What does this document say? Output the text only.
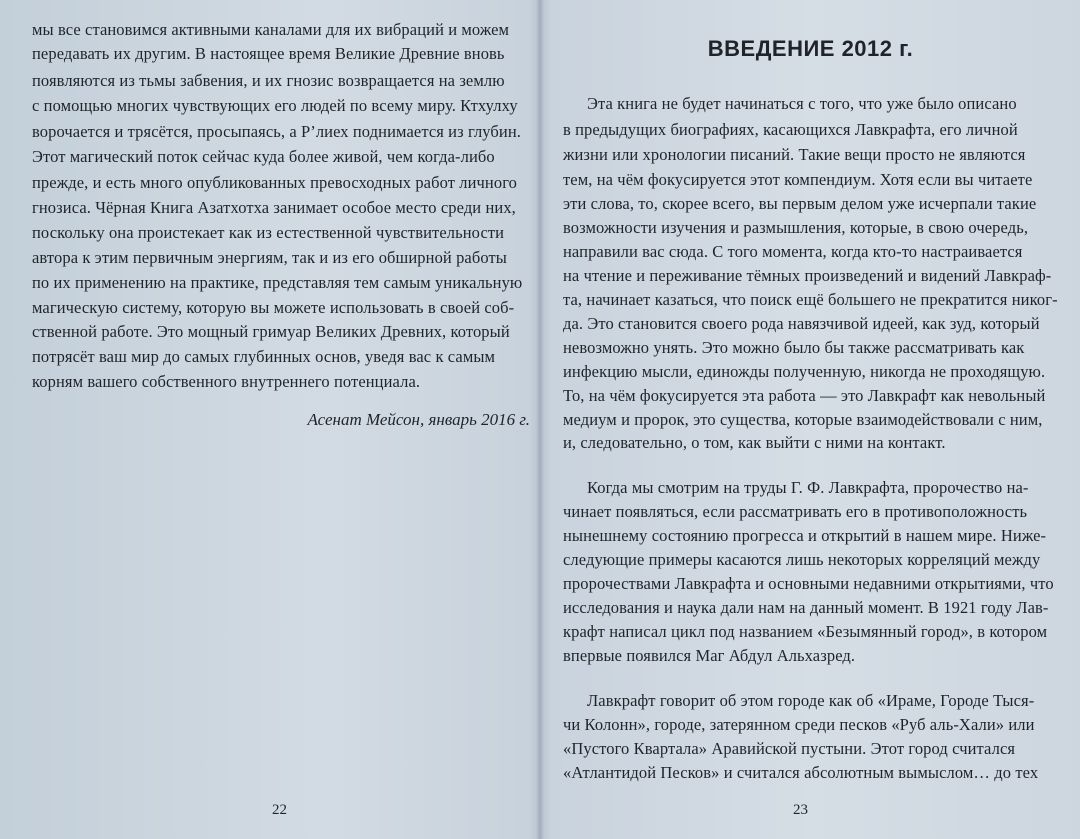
мы все становимся активными каналами для их вибраций и можем
передавать их другим. В настоящее время Великие Древние вновь
появляются из тьмы забвения, и их гнозис возвращается на землю
с помощью многих чувствующих его людей по всему миру. Ктхулху
ворочается и трясётся, просыпаясь, а Р’лиех поднимается из глубин.
Этот магический поток сейчас куда более живой, чем когда-либо
прежде, и есть много опубликованных превосходных работ личного
гнозиса. Чёрная Книга Азатхотха занимает особое место среди них,
поскольку она проистекает как из естественной чувствительности
автора к этим первичным энергиям, так и из его обширной работы
по их применению на практике, представляя тем самым уникальную
магическую систему, которую вы можете использовать в своей соб-
ственной работе. Это мощный гримуар Великих Древних, который
потрясёт ваш мир до самых глубинных основ, уведя вас к самым
корням вашего собственного внутреннего потенциала.
Асенат Мейсон, январь 2016 г.
22
ВВЕДЕНИЕ 2012 г.
Эта книга не будет начинаться с того, что уже было описано
в предыдущих биографиях, касающихся Лавкрафта, его личной
жизни или хронологии писаний. Такие вещи просто не являются
тем, на чём фокусируется этот компендиум. Хотя если вы читаете
эти слова, то, скорее всего, вы первым делом уже исчерпали такие
возможности изучения и размышления, которые, в свою очередь,
направили вас сюда. С того момента, когда кто-то настраивается
на чтение и переживание тёмных произведений и видений Лавкраф-
та, начинает казаться, что поиск ещё большего не прекратится никог-
да. Это становится своего рода навязчивой идеей, как зуд, который
невозможно унять. Это можно было бы также рассматривать как
инфекцию мысли, единожды полученную, никогда не проходящую.
То, на чём фокусируется эта работа — это Лавкрафт как невольный
медиум и пророк, это существа, которые взаимодействовали с ним,
и, следовательно, о том, как выйти с ними на контакт.
Когда мы смотрим на труды Г. Ф. Лавкрафта, пророчество на-
чинает появляться, если рассматривать его в противоположность
нынешнему состоянию прогресса и открытий в нашем мире. Ниже-
следующие примеры касаются лишь некоторых корреляций между
пророчествами Лавкрафта и основными недавними открытиями, что
исследования и наука дали нам на данный момент. В 1921 году Лав-
крафт написал цикл под названием «Безымянный город», в котором
впервые появился Маг Абдул Альхазред.
Лавкрафт говорит об этом городе как об «Ираме, Городе Тыся-
чи Колонн», городе, затерянном среди песков «Руб аль-Хали» или
«Пустого Квартала» Аравийской пустыни. Этот город считался
«Атлантидой Песков» и считался абсолютным вымыслом… до тех
23
